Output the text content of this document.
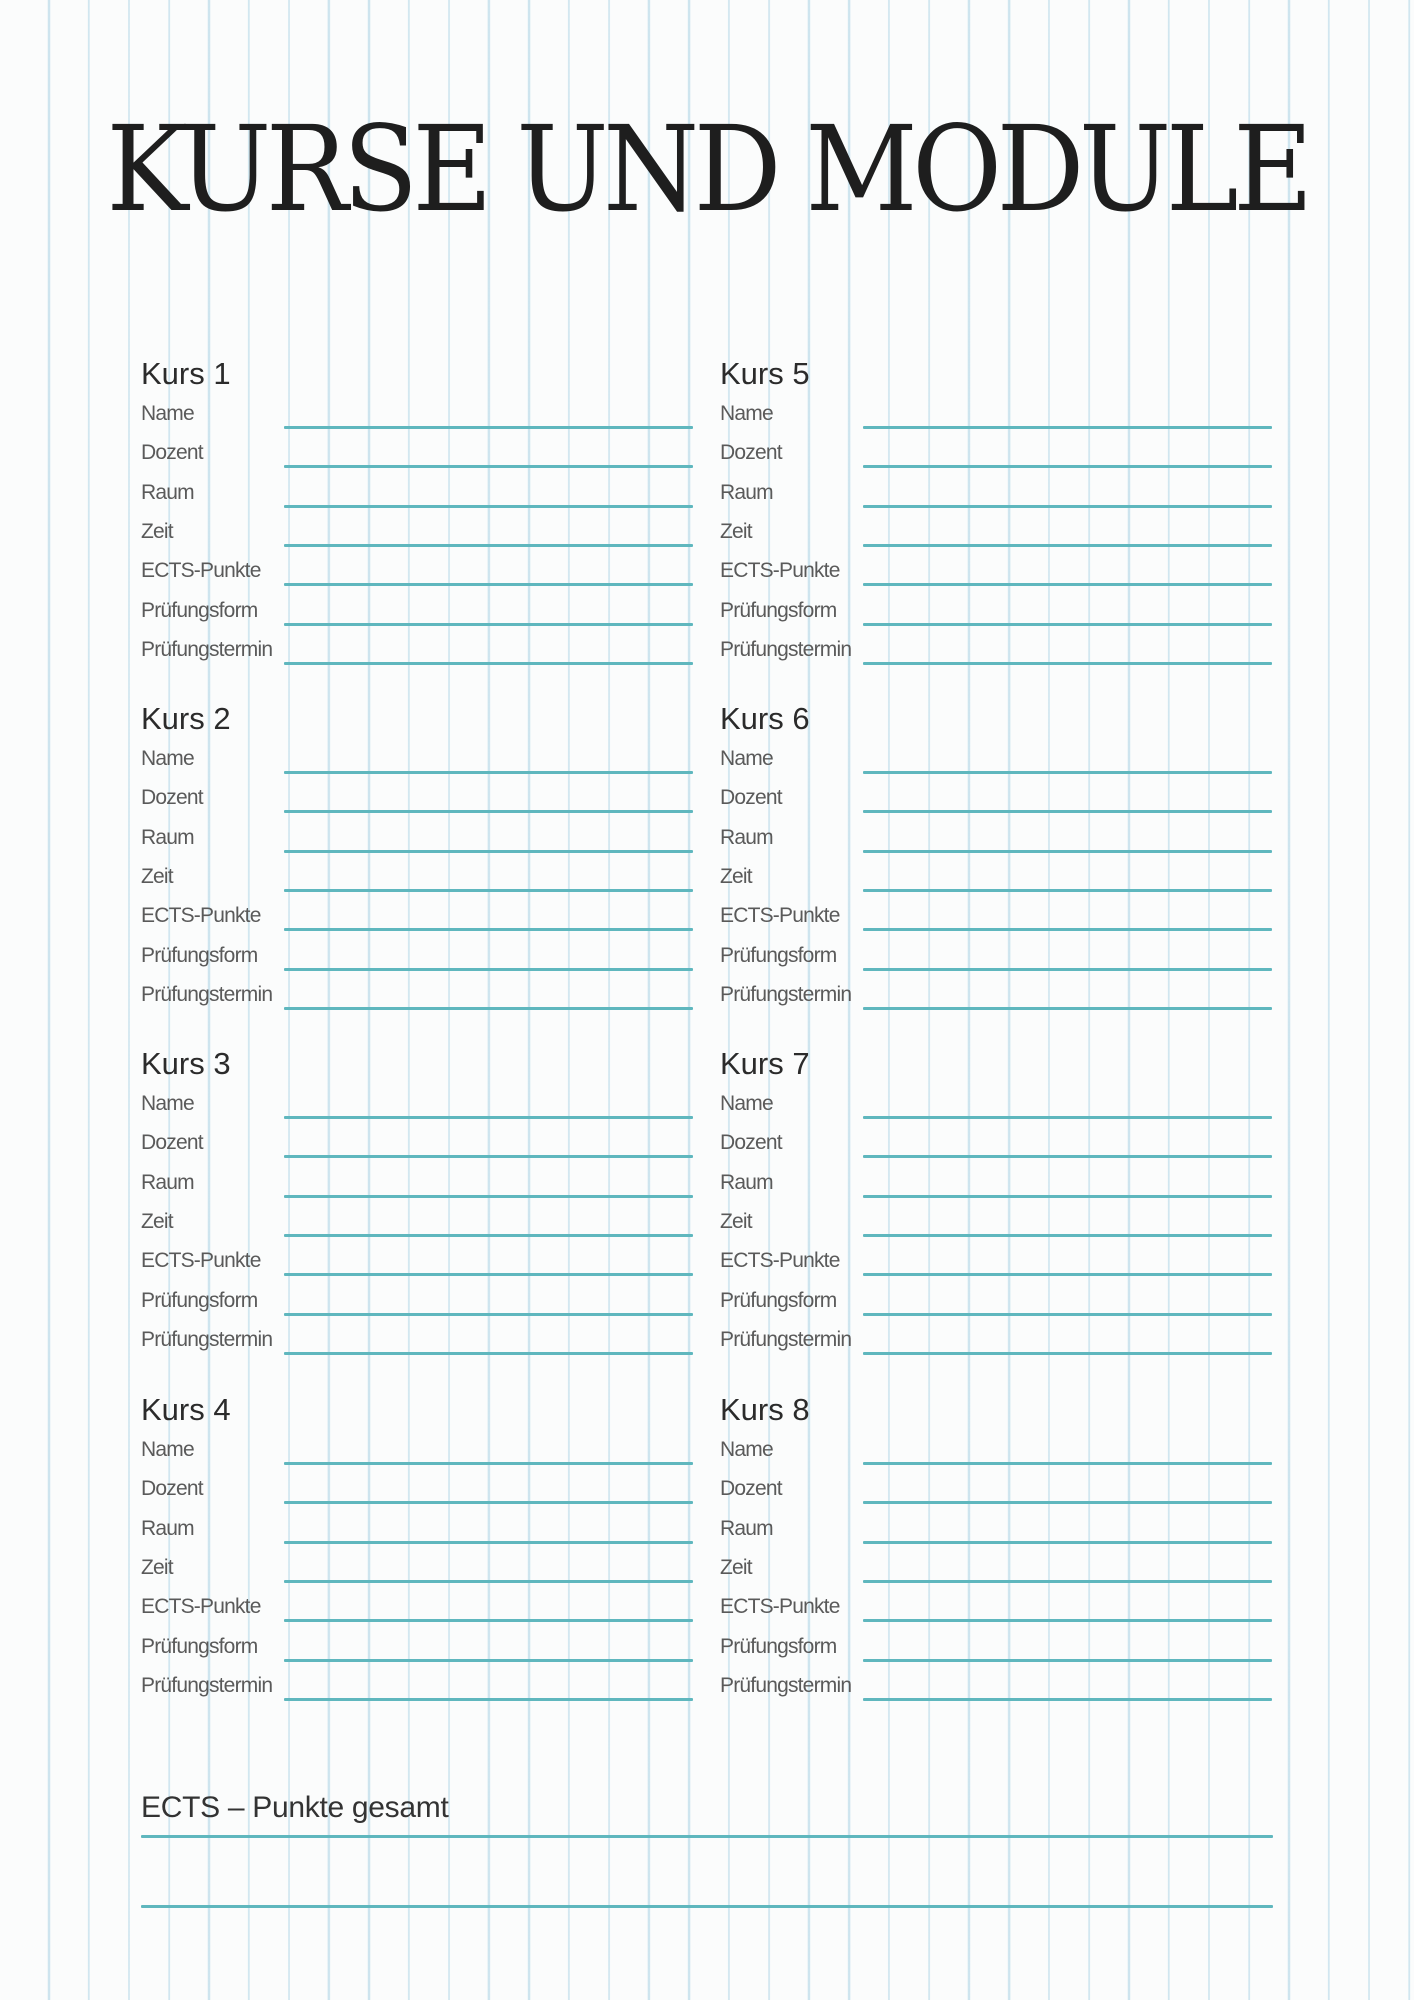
KURSE UND MODULE
Kurs 1
Name
Dozent
Raum
Zeit
ECTS-Punkte
Prüfungsform
Prüfungstermin
Kurs 2
Name
Dozent
Raum
Zeit
ECTS-Punkte
Prüfungsform
Prüfungstermin
Kurs 3
Name
Dozent
Raum
Zeit
ECTS-Punkte
Prüfungsform
Prüfungstermin
Kurs 4
Name
Dozent
Raum
Zeit
ECTS-Punkte
Prüfungsform
Prüfungstermin
Kurs 5
Name
Dozent
Raum
Zeit
ECTS-Punkte
Prüfungsform
Prüfungstermin
Kurs 6
Name
Dozent
Raum
Zeit
ECTS-Punkte
Prüfungsform
Prüfungstermin
Kurs 7
Name
Dozent
Raum
Zeit
ECTS-Punkte
Prüfungsform
Prüfungstermin
Kurs 8
Name
Dozent
Raum
Zeit
ECTS-Punkte
Prüfungsform
Prüfungstermin
ECTS – Punkte gesamt
